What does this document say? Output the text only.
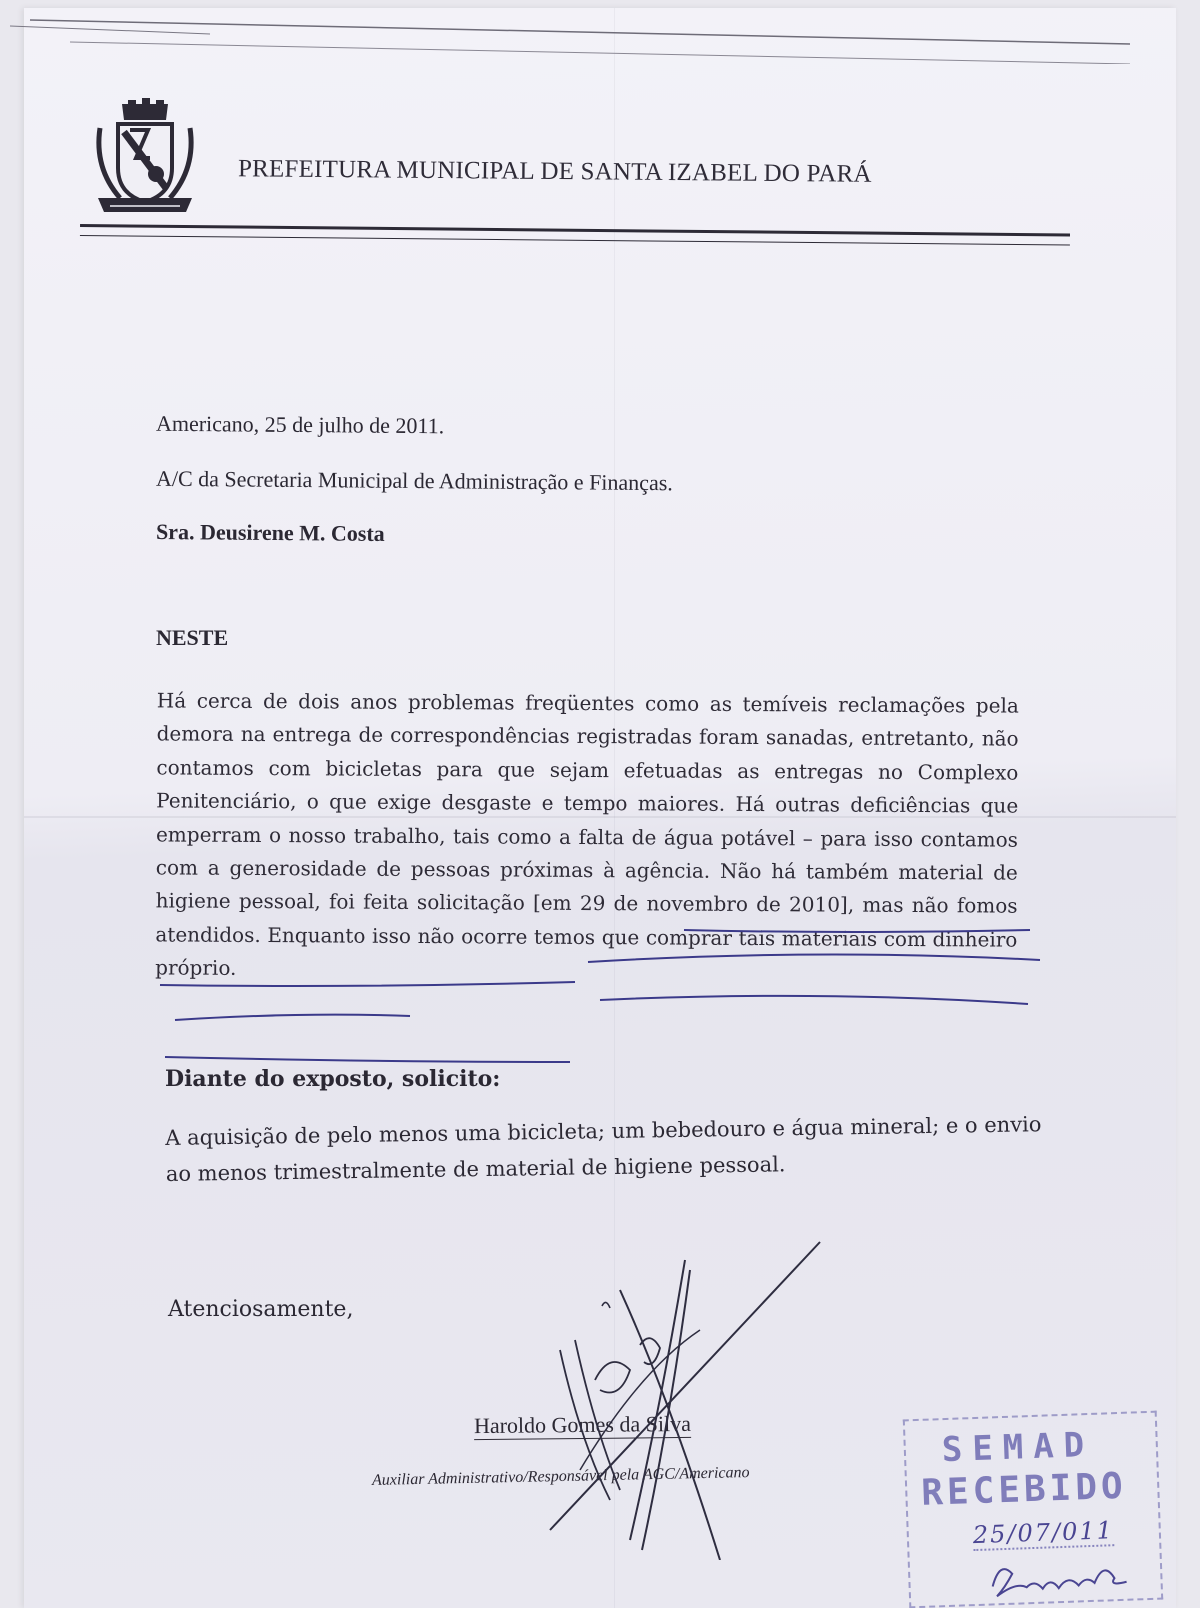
PREFEITURA MUNICIPAL DE SANTA IZABEL DO PARÁ

Americano, 25 de julho de 2011.

A/C da Secretaria Municipal de Administração e Finanças.

Sra. Deusirene M. Costa

NESTE

Há cerca de dois anos problemas freqüentes como as temíveis reclamações pela demora na entrega de correspondências registradas foram sanadas, entretanto, não contamos com bicicletas para que sejam efetuadas as entregas no Complexo Penitenciário, o que exige desgaste e tempo maiores. Há outras deficiências que emperram o nosso trabalho, tais como a falta de água potável – para isso contamos com a generosidade de pessoas próximas à agência. Não há também material de higiene pessoal, foi feita solicitação [em 29 de novembro de 2010], mas não fomos atendidos. Enquanto isso não ocorre temos que comprar tais materiais com dinheiro próprio.

Diante do exposto, solicito:

A aquisição de pelo menos uma bicicleta; um bebedouro e água mineral; e o envio ao menos trimestralmente de material de higiene pessoal.

Atenciosamente,

Haroldo Gomes da Silva

Auxiliar Administrativo/Responsável pela AGC/Americano

SEMAD

RECEBIDO

25/07/011
